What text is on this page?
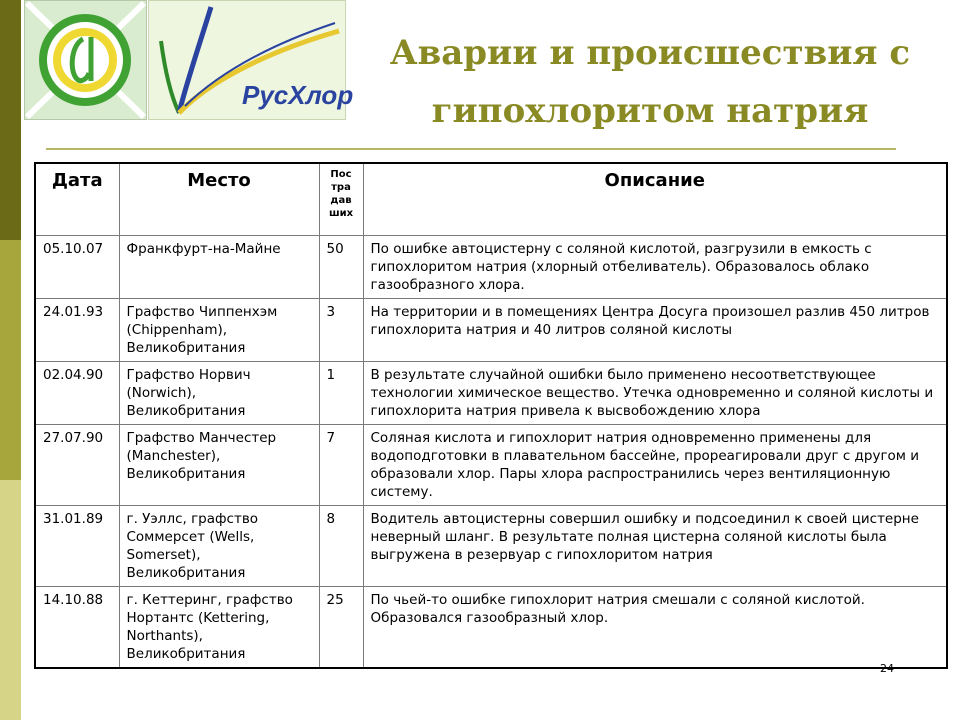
РусХлор
Аварии и происшествия с
гипохлоритом натрия
Дата	Место	Пос тра дав ших	Описание
05.10.07	Франкфурт-на-Майне	50	По ошибке автоцистерну с соляной кислотой, разгрузили в емкость с гипохлоритом натрия (хлорный отбеливатель). Образовалось облако газообразного хлора.
24.01.93	Графство Чиппенхэм (Chippenham), Великобритания	3	На территории и в помещениях Центра Досуга произошел разлив 450 литров гипохлорита натрия и 40 литров соляной кислоты
02.04.90	Графство Норвич (Norwich), Великобритания	1	В результате случайной ошибки было применено несоответствующее технологии химическое вещество. Утечка одновременно и соляной кислоты и гипохлорита натрия привела к высвобождению хлора
27.07.90	Графство Манчестер (Manchester), Великобритания	7	Соляная кислота и гипохлорит натрия одновременно применены для водоподготовки в плавательном бассейне, прореагировали друг с другом и образовали хлор. Пары хлора распространились через вентиляционную систему.
31.01.89	г. Уэллс, графство Соммерсет (Wells, Somerset), Великобритания	8	Водитель автоцистерны совершил ошибку и подсоединил к своей цистерне неверный шланг. В результате полная цистерна соляной кислоты была выгружена в резервуар с гипохлоритом натрия
14.10.88	г. Кеттеринг, графство Нортантс (Kettering, Northants), Великобритания	25	По чьей-то ошибке гипохлорит натрия смешали с соляной кислотой. Образовался газообразный хлор.
24
